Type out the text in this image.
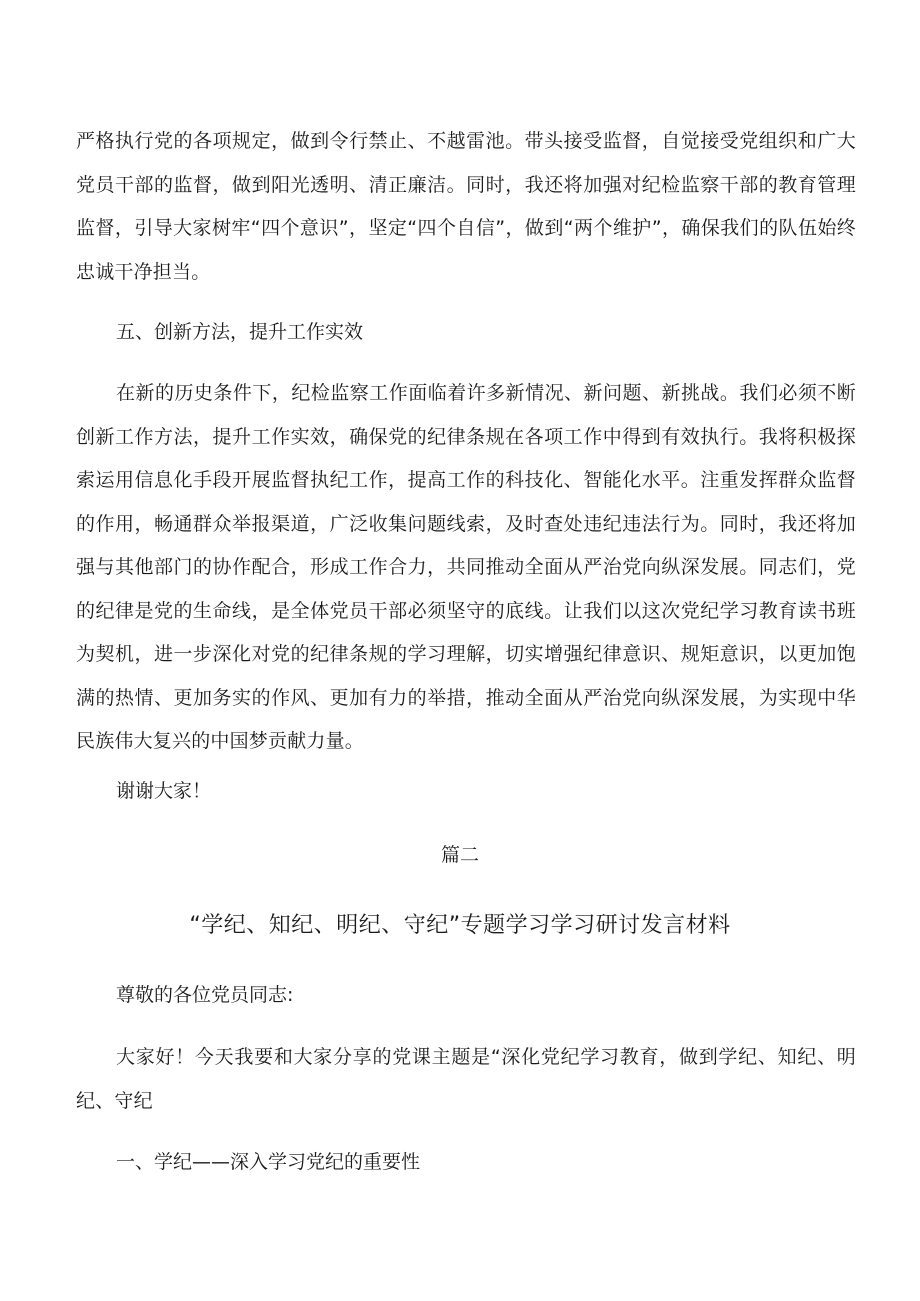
严格执行党的各项规定，做到令行禁止、不越雷池。带头接受监督，自觉接受党组织和广大党员干部的监督，做到阳光透明、清正廉洁。同时，我还将加强对纪检监察干部的教育管理监督，引导大家树牢“四个意识”，坚定“四个自信”，做到“两个维护”，确保我们的队伍始终忠诚干净担当。

五、创新方法，提升工作实效

在新的历史条件下，纪检监察工作面临着许多新情况、新问题、新挑战。我们必须不断创新工作方法，提升工作实效，确保党的纪律条规在各项工作中得到有效执行。我将积极探索运用信息化手段开展监督执纪工作，提高工作的科技化、智能化水平。注重发挥群众监督的作用，畅通群众举报渠道，广泛收集问题线索，及时查处违纪违法行为。同时，我还将加强与其他部门的协作配合，形成工作合力，共同推动全面从严治党向纵深发展。同志们，党的纪律是党的生命线，是全体党员干部必须坚守的底线。让我们以这次党纪学习教育读书班为契机，进一步深化对党的纪律条规的学习理解，切实增强纪律意识、规矩意识，以更加饱满的热情、更加务实的作风、更加有力的举措，推动全面从严治党向纵深发展，为实现中华民族伟大复兴的中国梦贡献力量。

谢谢大家！

篇二

“学纪、知纪、明纪、守纪”专题学习学习研讨发言材料

尊敬的各位党员同志:

大家好！今天我要和大家分享的党课主题是“深化党纪学习教育，做到学纪、知纪、明纪、守纪

一、学纪——深入学习党纪的重要性
